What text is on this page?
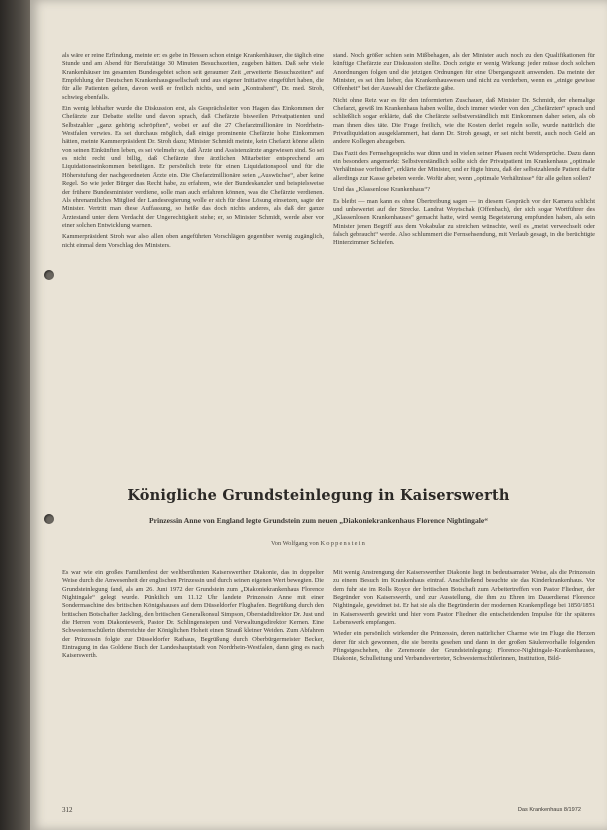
als wäre er reine Erfindung, meinte er: es gebe in Hessen schon einige Krankenhäuser, die täglich eine Stunde und am Abend für Berufstätige 30 Minuten Besuchszeiten, zugeben hätten. Daß sehr viele Krankenhäuser im gesamten Bundesgebiet schon seit geraumer Zeit „erweiterte Besuchszeiten“ auf Empfehlung der Deutschen Krankenhausgesellschaft und aus eigener Initiative eingeführt haben, die für alle Patienten gelten, davon weiß er freilich nichts, und sein „Kontrahent“, Dr. med. Stroh, schwieg ebenfalls.

Ein wenig lebhafter wurde die Diskussion erst, als Gesprächsleiter von Hagen das Einkommen der Chefärzte zur Debatte stellte und davon sprach, daß Chefärzte bisweilen Privatpatienten und Selbstzahler „ganz gehörig schröpften“, wobei er auf die 27 Chefarztmillionäre in Nordrhein-Westfalen verwies. Es sei durchaus möglich, daß einige prominente Chefärzte hohe Einkommen hätten, meinte Kammerpräsident Dr. Stroh dazu; Minister Schmidt meinte, kein Chefarzt könne allein von seinen Einkünften leben, es sei vielmehr so, daß Ärzte und Assistenzärzte angewiesen sind. So sei es nicht recht und billig, daß Chefärzte ihre ärztlichen Mitarbeiter entsprechend am Liquidationseinkommen beteiligen. Er persönlich trete für einen Liquidationspool und für die Höherstufung der nachgeordneten Ärzte ein. Die Chefarztmillionäre seien „Auswüchse“, aber keine Regel. So wie jeder Bürger das Recht habe, zu erfahren, wie der Bundeskanzler und beispielsweise der frühere Bundesminister verdiene, solle man auch erfahren können, was die Chefärzte verdienen. Als ehrenamtliches Mitglied der Landesregierung wolle er sich für diese Lösung einsetzen, sagte der Minister. Vertritt man diese Auffassung, so heiße das doch nichts anderes, als daß der ganze Ärztestand unter dem Verdacht der Ungerechtigkeit stehe; er, so Minister Schmidt, werde aber vor einer solchen Entwicklung warnen.

Kammerpräsident Stroh war also allen oben angeführten Vorschlägen gegenüber wenig zugänglich, nicht einmal dem Vorschlag des Ministers.

stand. Noch größer schien sein Mißbehagen, als der Minister auch noch zu den Qualifikationen für künftige Chefärzte zur Diskussion stellte. Doch zeigte er wenig Wirkung: jeder müsse doch solchen Anordnungen folgen und die jetzigen Ordnungen für eine Übergangszeit anwenden. Da meinte der Minister, es sei ihm lieber, das Krankenhauswesen und nicht zu verderben, wenn es „einige gewisse Offenheit“ bei der Auswahl der Chefärzte gäbe.

Nicht ohne Reiz war es für den informierten Zuschauer, daß Minister Dr. Schmidt, der ehemalige Chefarzt, gewiß im Krankenhaus haben wollte, doch immer wieder von den „Chefärzten“ sprach und schließlich sogar erklärte, daß die Chefärzte selbstverständlich mit Einkommen daher seien, als ob man ihnen dies täte. Die Frage freilich, wie die Kosten derlei regeln solle, wurde natürlich die Privatliquidation ausgeklammert, hat dann Dr. Stroh gesagt, er sei nicht bereit, auch noch Geld an andere Kollegen abzugeben.

Das Fazit des Fernsehgesprächs war dünn und in vielen seiner Phasen recht Widersprüche. Dazu dann ein besonders angemerkt: Selbstverständlich sollte sich der Privatpatient im Krankenhaus „optimale Verhältnisse vorfinden“, erklärte der Minister, und er fügte hinzu, daß der selbstzahlende Patient dafür allerdings zur Kasse gebeten werde. Wofür aber, wenn „optimale Verhältnisse“ für alle gelten sollen?

Und das „Klassenlose Krankenhaus“?

Es bleibt — man kann es ohne Übertreibung sagen — in diesem Gespräch vor der Kamera schlicht und unbewertet auf der Strecke. Landrat Woytschak (Offenbach), der sich sogar Wortführer des „Klassenlosen Krankenhauses“ gemacht hatte, wird wenig Begeisterung empfunden haben, als sein Minister jenen Begriff aus dem Vokabular zu streichen wünschte, weil es „meist verwechselt oder falsch gebraucht“ werde. Also schlummert die Fernsehsendung, mit Verlaub gesagt, in die berüchtigte Hinterzimmer Schiefen.

Königliche Grundsteinlegung in Kaiserswerth
Prinzessin Anne von England legte Grundstein zum neuen „Diakoniekrankenhaus Florence Nightingale“
Von Wolfgang von Koppenstein

Es war wie ein großes Familienfest der weltberühmten Kaiserswerther Diakonie, das in doppelter Weise durch die Anwesenheit der englischen Prinzessin und durch seinen eigenen Wert bewegten. Die Grundsteinlegung fand, als am 26. Juni 1972 der Grundstein zum „Diakoniekrankenhaus Florence Nightingale“ gelegt wurde. Pünktlich um 11.12 Uhr landete Prinzessin Anne mit einer Sondermaschine des britischen Königshauses auf dem Düsseldorfer Flughafen. Begrüßung durch den britischen Botschafter Jackling, den britischen Generalkonsul Simpson, Oberstadtdirektor Dr. Just und die Herren vom Diakoniewerk, Pastor Dr. Schlingensiepen und Verwaltungsdirektor Kernen. Eine Schwesternschülerin überreichte der Königlichen Hoheit einen Strauß kleiner Weiden. Zum Abfahren der Prinzessin folgte zur Düsseldorfer Rathaus, Begrüßung durch Oberbürgermeister Becker, Eintragung in das Goldene Buch der Landeshauptstadt von Nordrhein-Westfalen, dann ging es nach Kaiserswerth.

Mit wenig Anstrengung der Kaiserswerther Diakonie liegt in bedeutsamster Weise, als die Prinzessin zu einem Besuch im Krankenhaus eintraf. Anschließend besuchte sie das Kinderkrankenhaus. Vor dem fuhr sie im Rolls Royce der britischen Botschaft zum Arbeitertreffen von Pastor Fliedner, der Begründer von Kaiserswerth, und zur Ausstellung, die ihm zu Ehren im Dauerdienst Florence Nightingale, gewidmet ist. Er hat sie als die Begründerin der modernen Krankenpflege bei 1850/1851 in Kaiserswerth gewirkt und hier vom Pastor Fliedner die entscheidenden Impulse für ihr späteres Lebenswerk empfangen.

Wieder ein persönlich wirkender die Prinzessin, deren natürlicher Charme wie im Fluge die Herzen derer für sich gewonnen, die sie bereits gesehen und dann in der großen Säulenvorhalle folgenden Pfingstgeschehen, die Zeremonie der Grundsteinlegung: Florence-Nightingale-Krankenhauses, Diakonie, Schulleitung und Verbandsvertreter, Schwesternschülerinnen, Institution, Bild-

312	Das Krankenhaus 8/1972
